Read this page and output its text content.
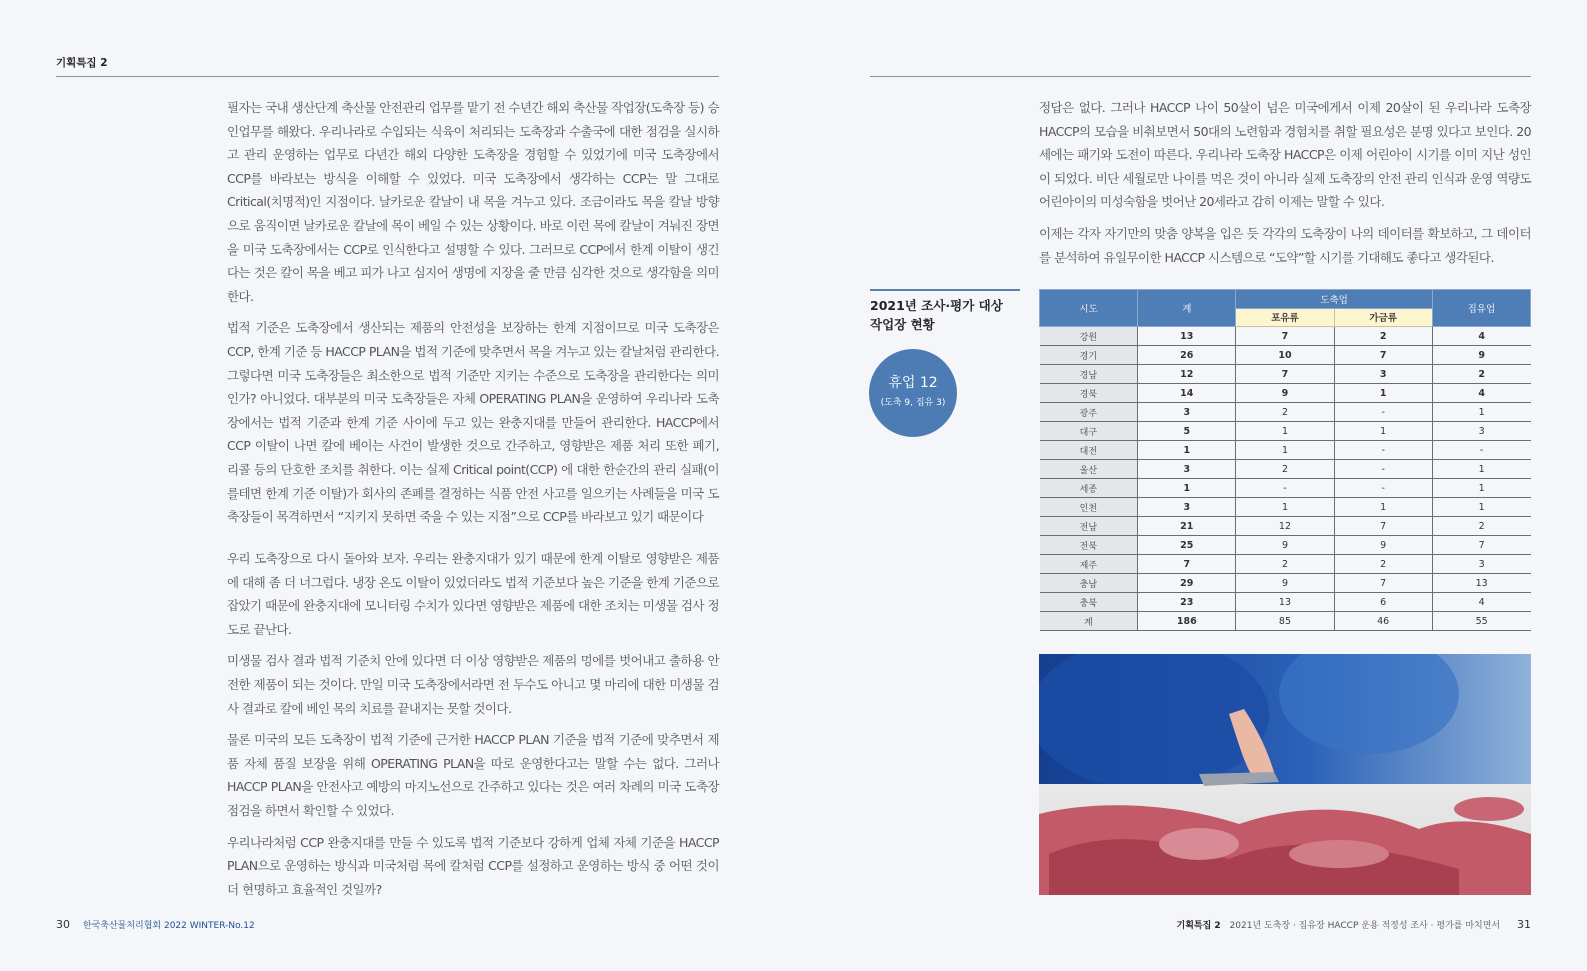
기획특집 2

필자는 국내 생산단계 축산물 안전관리 업무를 맡기 전 수년간 해외 축산물 작업장(도축장 등) 승인업무를 해왔다. 우리나라로 수입되는 식육이 처리되는 도축장과 수출국에 대한 점검을 실시하고 관리 운영하는 업무로 다년간 해외 다양한 도축장을 경험할 수 있었기에 미국 도축장에서 CCP를 바라보는 방식을 이해할 수 있었다. 미국 도축장에서 생각하는 CCP는 말 그대로 Critical(치명적)인 지점이다. 날카로운 칼날이 내 목을 겨누고 있다. 조금이라도 목을 칼날 방향으로 움직이면 날카로운 칼날에 목이 베일 수 있는 상황이다. 바로 이런 목에 칼날이 겨눠진 장면을 미국 도축장에서는 CCP로 인식한다고 설명할 수 있다. 그러므로 CCP에서 한계 이탈이 생긴다는 것은 칼이 목을 베고 피가 나고 심지어 생명에 지장을 줄 만큼 심각한 것으로 생각함을 의미한다.

법적 기준은 도축장에서 생산되는 제품의 안전성을 보장하는 한계 지점이므로 미국 도축장은 CCP, 한계 기준 등 HACCP PLAN을 법적 기준에 맞추면서 목을 겨누고 있는 칼날처럼 관리한다. 그렇다면 미국 도축장들은 최소한으로 법적 기준만 지키는 수준으로 도축장을 관리한다는 의미인가? 아니었다. 대부분의 미국 도축장들은 자체 OPERATING PLAN을 운영하여 우리나라 도축장에서는 법적 기준과 한계 기준 사이에 두고 있는 완충지대를 만들어 관리한다. HACCP에서 CCP 이탈이 나면 칼에 베이는 사건이 발생한 것으로 간주하고, 영향받은 제품 처리 또한 폐기, 리콜 등의 단호한 조치를 취한다. 이는 실제 Critical point(CCP) 에 대한 한순간의 관리 실패(이를테면 한계 기준 이탈)가 회사의 존폐를 결정하는 식품 안전 사고를 일으키는 사례들을 미국 도축장들이 목격하면서 “지키지 못하면 죽을 수 있는 지점”으로 CCP를 바라보고 있기 때문이다

우리 도축장으로 다시 돌아와 보자. 우리는 완충지대가 있기 때문에 한계 이탈로 영향받은 제품에 대해 좀 더 너그럽다. 냉장 온도 이탈이 있었더라도 법적 기준보다 높은 기준을 한계 기준으로 잡았기 때문에 완충지대에 모니터링 수치가 있다면 영향받은 제품에 대한 조치는 미생물 검사 정도로 끝난다.

미생물 검사 결과 법적 기준치 안에 있다면 더 이상 영향받은 제품의 멍에를 벗어내고 출하용 안전한 제품이 되는 것이다. 만일 미국 도축장에서라면 전 두수도 아니고 몇 마리에 대한 미생물 검사 결과로 칼에 베인 목의 치료를 끝내지는 못할 것이다.

물론 미국의 모든 도축장이 법적 기준에 근거한 HACCP PLAN 기준을 법적 기준에 맞추면서 제품 자체 품질 보장을 위해 OPERATING PLAN을 따로 운영한다고는 말할 수는 없다. 그러나 HACCP PLAN을 안전사고 예방의 마지노선으로 간주하고 있다는 것은 여러 차례의 미국 도축장 점검을 하면서 확인할 수 있었다.

우리나라처럼 CCP 완충지대를 만들 수 있도록 법적 기준보다 강하게 업체 자체 기준을 HACCP PLAN으로 운영하는 방식과 미국처럼 목에 칼처럼 CCP를 설정하고 운영하는 방식 중 어떤 것이 더 현명하고 효율적인 것일까?

정답은 없다. 그러나 HACCP 나이 50살이 넘은 미국에게서 이제 20살이 된 우리나라 도축장 HACCP의 모습을 비춰보면서 50대의 노련함과 경험치를 취할 필요성은 분명 있다고 보인다. 20세에는 패기와 도전이 따른다. 우리나라 도축장 HACCP은 이제 어린아이 시기를 이미 지난 성인이 되었다. 비단 세월로만 나이를 먹은 것이 아니라 실제 도축장의 안전 관리 인식과 운영 역량도 어린아이의 미성숙함을 벗어난 20세라고 감히 이제는 말할 수 있다.

이제는 각자 자기만의 맞춤 양복을 입은 듯 각각의 도축장이 나의 데이터를 확보하고, 그 데이터를 분석하여 유일무이한 HACCP 시스템으로 “도약”할 시기를 기대해도 좋다고 생각된다.

2021년 조사·평가 대상
작업장 현황
휴업 12
(도축 9, 집유 3)
시도	계	도축업		집유업
		포유류	가금류	
강원	13	7	2	4
경기	26	10	7	9
경남	12	7	3	2
경북	14	9	1	4
광주	3	2	-	1
대구	5	1	1	3
대전	1	1	-	-
울산	3	2	-	1
세종	1	-	-	1
인천	3	1	1	1
전남	21	12	7	2
전북	25	9	9	7
제주	7	2	2	3
충남	29	9	7	13
충북	23	13	6	4
계	186	85	46	55
30 한국축산물처리협회 2022 WINTER-No.12	기획특집 2 2021년 도축장 · 집유장 HACCP 운용 적정성 조사 · 평가를 마치면서 31
